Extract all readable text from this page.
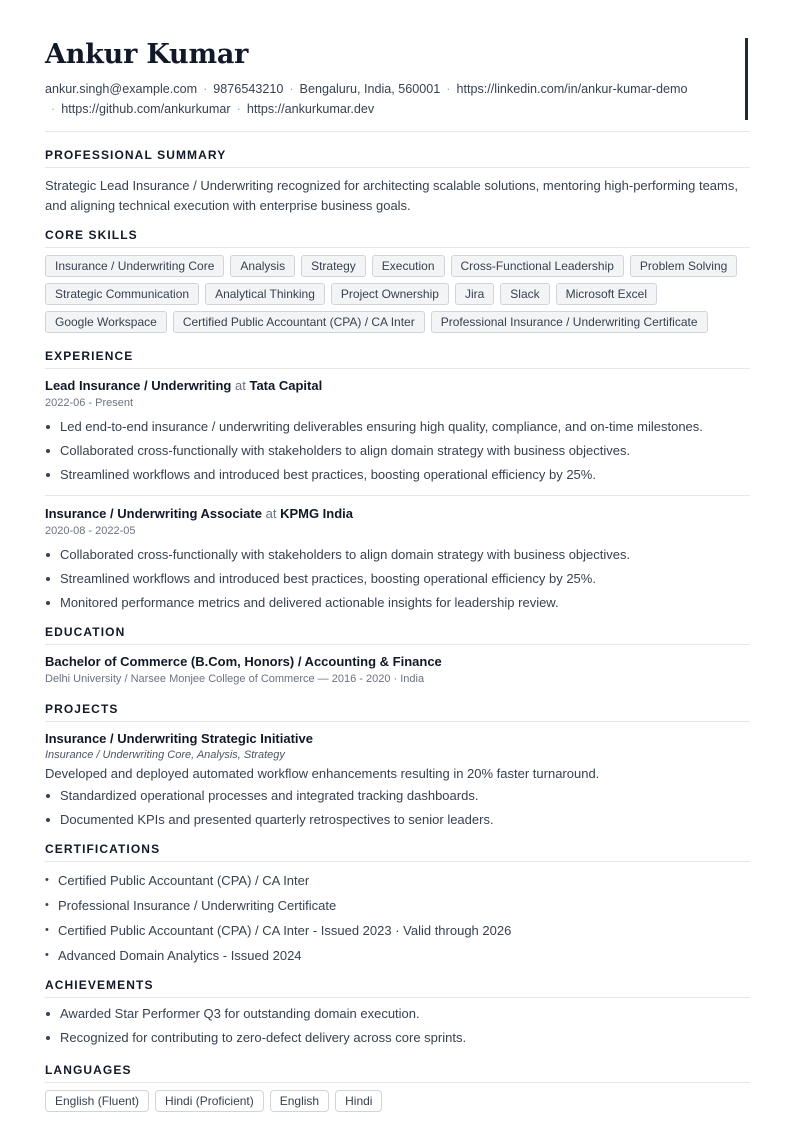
Ankur Kumar
ankur.singh@example.com · 9876543210 · Bengaluru, India, 560001 · https://linkedin.com/in/ankur-kumar-demo
· https://github.com/ankurkumar · https://ankurkumar.dev
PROFESSIONAL SUMMARY

Strategic Lead Insurance / Underwriting recognized for architecting scalable solutions, mentoring high-performing teams, and aligning technical execution with enterprise business goals.

CORE SKILLS
Insurance / Underwriting Core	Analysis	Strategy	Execution	Cross-Functional Leadership	Problem Solving
Strategic Communication	Analytical Thinking	Project Ownership	Jira	Slack	Microsoft Excel
Google Workspace	Certified Public Accountant (CPA) / CA Inter	Professional Insurance / Underwriting Certificate
EXPERIENCE
Lead Insurance / Underwriting at Tata Capital
2022-06 - Present
Led end-to-end insurance / underwriting deliverables ensuring high quality, compliance, and on-time milestones.
Collaborated cross-functionally with stakeholders to align domain strategy with business objectives.
Streamlined workflows and introduced best practices, boosting operational efficiency by 25%.
Insurance / Underwriting Associate at KPMG India
2020-08 - 2022-05
Collaborated cross-functionally with stakeholders to align domain strategy with business objectives.
Streamlined workflows and introduced best practices, boosting operational efficiency by 25%.
Monitored performance metrics and delivered actionable insights for leadership review.
EDUCATION
Bachelor of Commerce (B.Com, Honors) / Accounting & Finance
Delhi University / Narsee Monjee College of Commerce — 2016 - 2020 · India
PROJECTS
Insurance / Underwriting Strategic Initiative
Insurance / Underwriting Core, Analysis, Strategy
Developed and deployed automated workflow enhancements resulting in 20% faster turnaround.
Standardized operational processes and integrated tracking dashboards.
Documented KPIs and presented quarterly retrospectives to senior leaders.
CERTIFICATIONS
• Certified Public Accountant (CPA) / CA Inter
• Professional Insurance / Underwriting Certificate
• Certified Public Accountant (CPA) / CA Inter - Issued 2023 · Valid through 2026
• Advanced Domain Analytics - Issued 2024
ACHIEVEMENTS
Awarded Star Performer Q3 for outstanding domain execution.
Recognized for contributing to zero-defect delivery across core sprints.
LANGUAGES
English (Fluent)	Hindi (Proficient)	English	Hindi
